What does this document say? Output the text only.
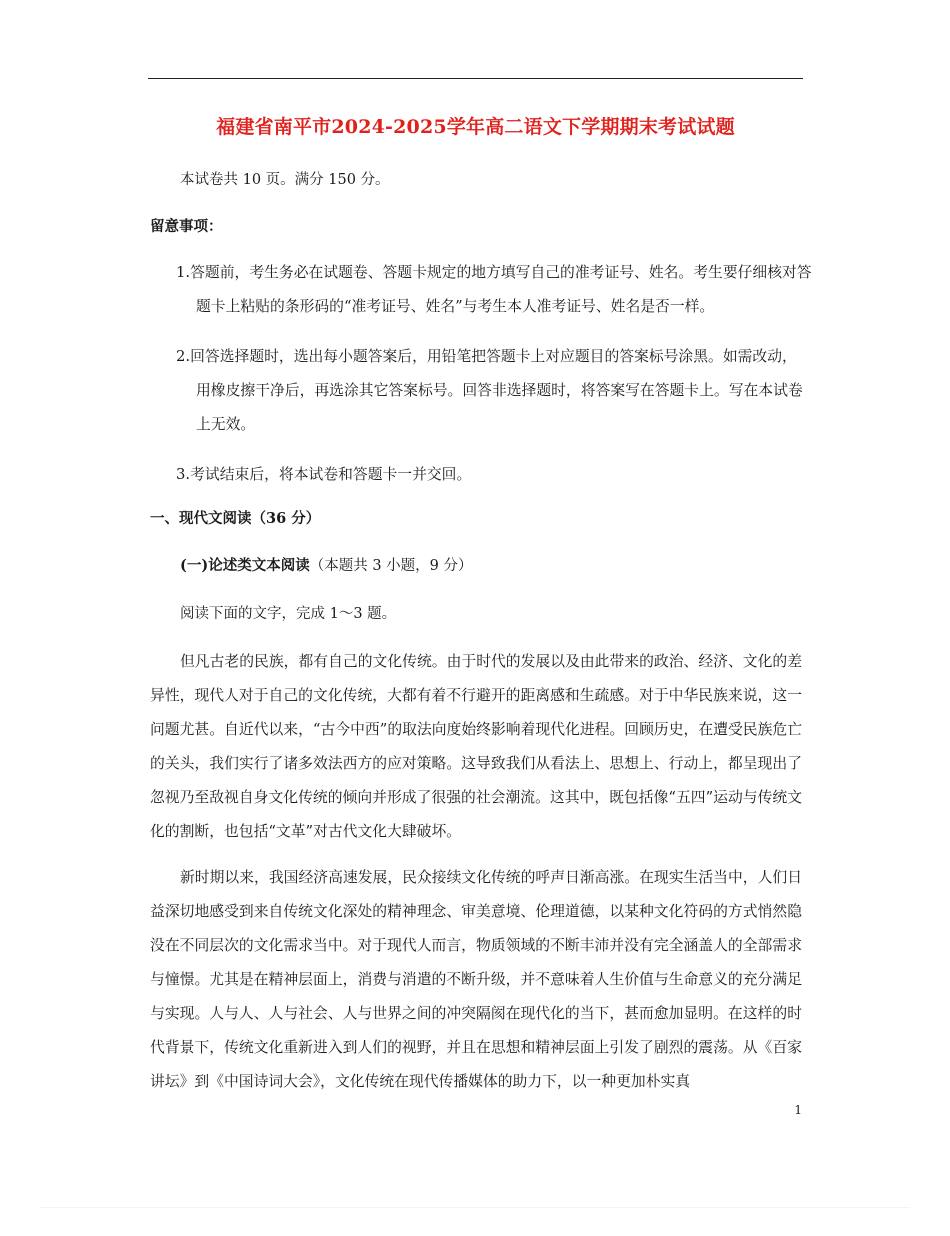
福建省南平市2024-2025学年高二语文下学期期末考试试题
本试卷共 10 页。满分 150 分。
留意事项：
1.答题前，考生务必在试题卷、答题卡规定的地方填写自己的准考证号、姓名。考生要仔细核对答
题卡上粘贴的条形码的“准考证号、姓名”与考生本人准考证号、姓名是否一样。
2.回答选择题时，选出每小题答案后，用铅笔把答题卡上对应题目的答案标号涂黑。如需改动，
用橡皮擦干净后，再选涂其它答案标号。回答非选择题时，将答案写在答题卡上。写在本试卷
上无效。
3.考试结束后，将本试卷和答题卡一并交回。
一、现代文阅读（36 分）
(一)论述类文本阅读（本题共 3 小题，9 分）
阅读下面的文字，完成 1～3 题。
但凡古老的民族，都有自己的文化传统。由于时代的发展以及由此带来的政治、经济、文化的差异性，现代人对于自己的文化传统，大都有着不行避开的距离感和生疏感。对于中华民族来说，这一问题尤甚。自近代以来，“古今中西”的取法向度始终影响着现代化进程。回顾历史，在遭受民族危亡的关头，我们实行了诸多效法西方的应对策略。这导致我们从看法上、思想上、行动上，都呈现出了忽视乃至敌视自身文化传统的倾向并形成了很强的社会潮流。这其中，既包括像“五四”运动与传统文化的割断，也包括“文革”对古代文化大肆破坏。
新时期以来，我国经济高速发展，民众接续文化传统的呼声日渐高涨。在现实生活当中，人们日益深切地感受到来自传统文化深处的精神理念、审美意境、伦理道德，以某种文化符码的方式悄然隐没在不同层次的文化需求当中。对于现代人而言，物质领域的不断丰沛并没有完全涵盖人的全部需求与憧憬。尤其是在精神层面上，消费与消遣的不断升级，并不意味着人生价值与生命意义的充分满足与实现。人与人、人与社会、人与世界之间的冲突隔阂在现代化的当下，甚而愈加显明。在这样的时代背景下，传统文化重新进入到人们的视野，并且在思想和精神层面上引发了剧烈的震荡。从《百家讲坛》到《中国诗词大会》，文化传统在现代传播媒体的助力下，以一种更加朴实真
1
